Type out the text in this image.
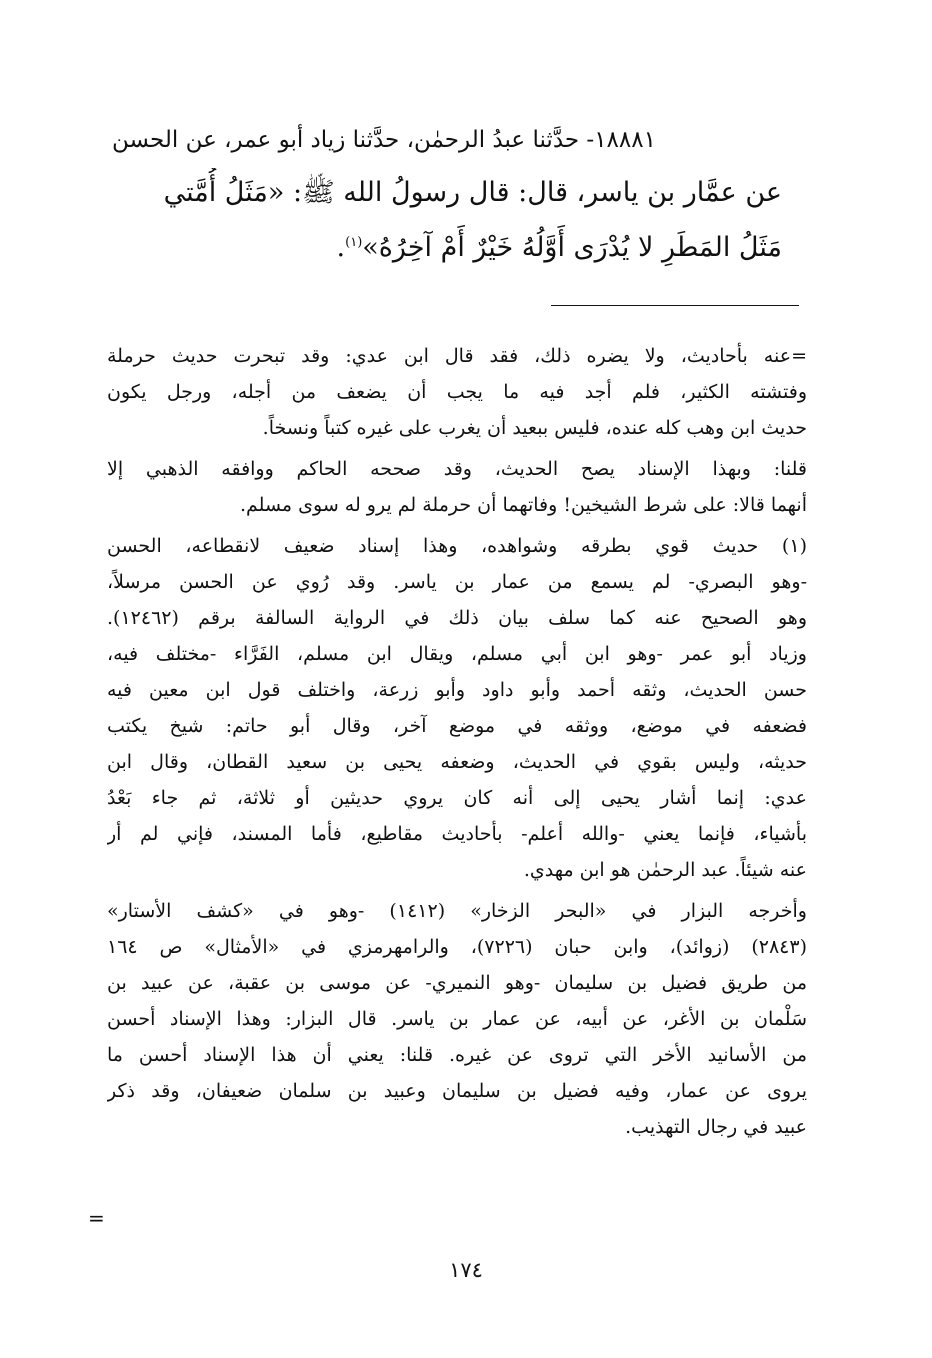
١٨٨٨١- حدَّثنا عبدُ الرحمٰن، حدَّثنا زياد أبو عمر، عن الحسن
عن عمَّار بن ياسر، قال: قال رسولُ الله ﷺ: «مَثَلُ أُمَّتي
مَثَلُ المَطَرِ لا يُدْرَى أَوَّلُهُ خَيْرٌ أَمْ آخِرُهُ»$^{(١)}$.
=عنه بأحاديث، ولا يضره ذلك، فقد قال ابن عدي: وقد تبحرت حديث حرملة
وفتشته الكثير، فلم أجد فيه ما يجب أن يضعف من أجله، ورجل يكون
حديث ابن وهب كله عنده، فليس ببعيد أن يغرب على غيره كتباً ونسخاً.
قلنا: وبهذا الإسناد يصح الحديث، وقد صححه الحاكم ووافقه الذهبي إلا
أنهما قالا: على شرط الشيخين! وفاتهما أن حرملة لم يرو له سوى مسلم.
(١) حديث قوي بطرقه وشواهده، وهذا إسناد ضعيف لانقطاعه، الحسن
-وهو البصري- لم يسمع من عمار بن ياسر. وقد رُوي عن الحسن مرسلاً،
وهو الصحيح عنه كما سلف بيان ذلك في الرواية السالفة برقم (١٢٤٦٢).
وزياد أبو عمر -وهو ابن أبي مسلم، ويقال ابن مسلم، الفَرَّاء -مختلف فيه،
حسن الحديث، وثقه أحمد وأبو داود وأبو زرعة، واختلف قول ابن معين فيه
فضعفه في موضع، ووثقه في موضع آخر، وقال أبو حاتم: شيخ يكتب
حديثه، وليس بقوي في الحديث، وضعفه يحيى بن سعيد القطان، وقال ابن
عدي: إنما أشار يحيى إلى أنه كان يروي حديثين أو ثلاثة، ثم جاء بَعْدُ
بأشياء، فإنما يعني -والله أعلم- بأحاديث مقاطيع، فأما المسند، فإني لم أر
عنه شيئاً. عبد الرحمٰن هو ابن مهدي.
وأخرجه البزار في «البحر الزخار» (١٤١٢) -وهو في «كشف الأستار»
(٢٨٤٣) (زوائد)، وابن حبان (٧٢٢٦)، والرامهرمزي في «الأمثال» ص ١٦٤
من طريق فضيل بن سليمان -وهو النميري- عن موسى بن عقبة، عن عبيد بن
سَلْمان بن الأغر، عن أبيه، عن عمار بن ياسر. قال البزار: وهذا الإسناد أحسن
من الأسانيد الأخر التي تروى عن غيره. قلنا: يعني أن هذا الإسناد أحسن ما
يروى عن عمار، وفيه فضيل بن سليمان وعبيد بن سلمان ضعيفان، وقد ذكر
عبيد في رجال التهذيب.
=
١٧٤
